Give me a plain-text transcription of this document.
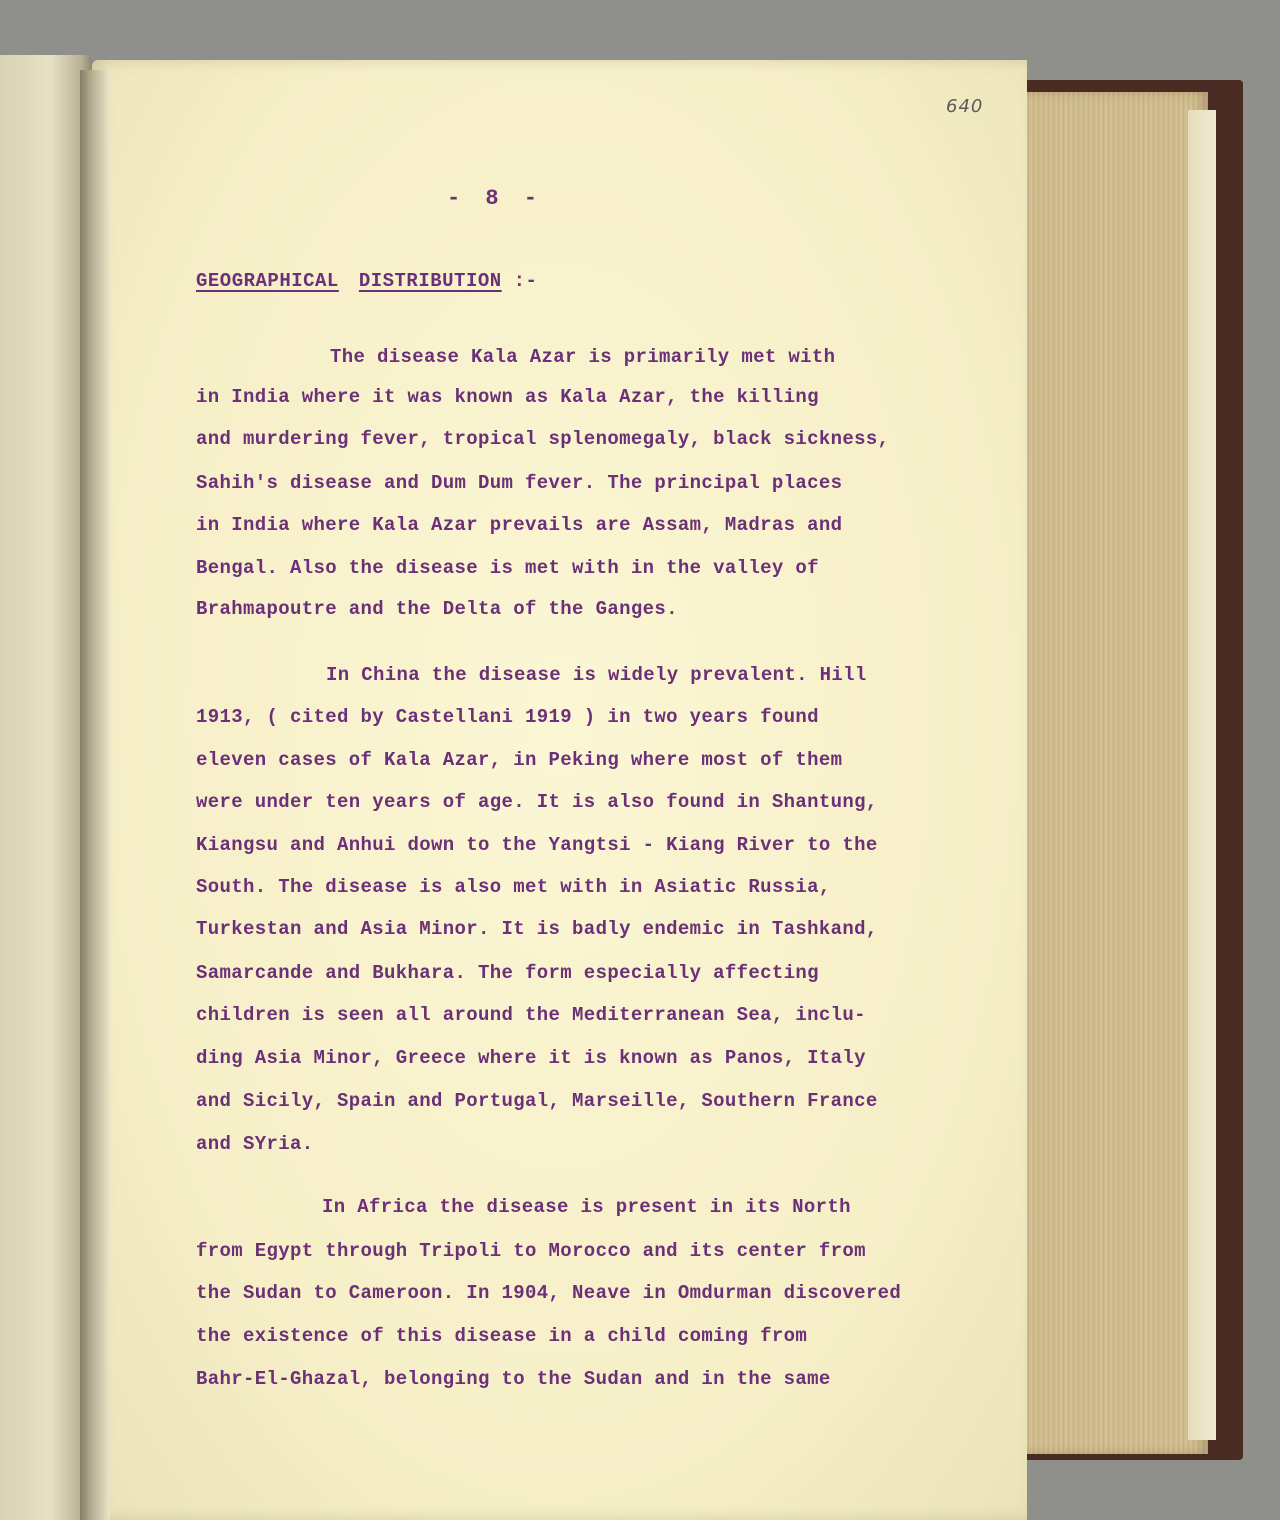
640
- 8 -
GEOGRAPHICAL DISTRIBUTION :-
The disease Kala Azar is primarily met with
in India where it was known as Kala Azar, the killing
and murdering fever, tropical splenomegaly, black sickness,
Sahih's disease and Dum Dum fever. The principal places
in India where Kala Azar prevails are Assam, Madras and
Bengal. Also the disease is met with in the valley of
Brahmapoutre and the Delta of the Ganges.
In China the disease is widely prevalent. Hill
1913, ( cited by Castellani 1919 ) in two years found
eleven cases of Kala Azar, in Peking where most of them
were under ten years of age. It is also found in Shantung,
Kiangsu and Anhui down to the Yangtsi - Kiang River to the
South. The disease is also met with in Asiatic Russia,
Turkestan and Asia Minor. It is badly endemic in Tashkand,
Samarcande and Bukhara. The form especially affecting
children is seen all around the Mediterranean Sea, inclu-
ding Asia Minor, Greece where it is known as Panos, Italy
and Sicily, Spain and Portugal, Marseille, Southern France
and SYria.
In Africa the disease is present in its North
from Egypt through Tripoli to Morocco and its center from
the Sudan to Cameroon. In 1904, Neave in Omdurman discovered
the existence of this disease in a child coming from
Bahr-El-Ghazal, belonging to the Sudan and in the same
